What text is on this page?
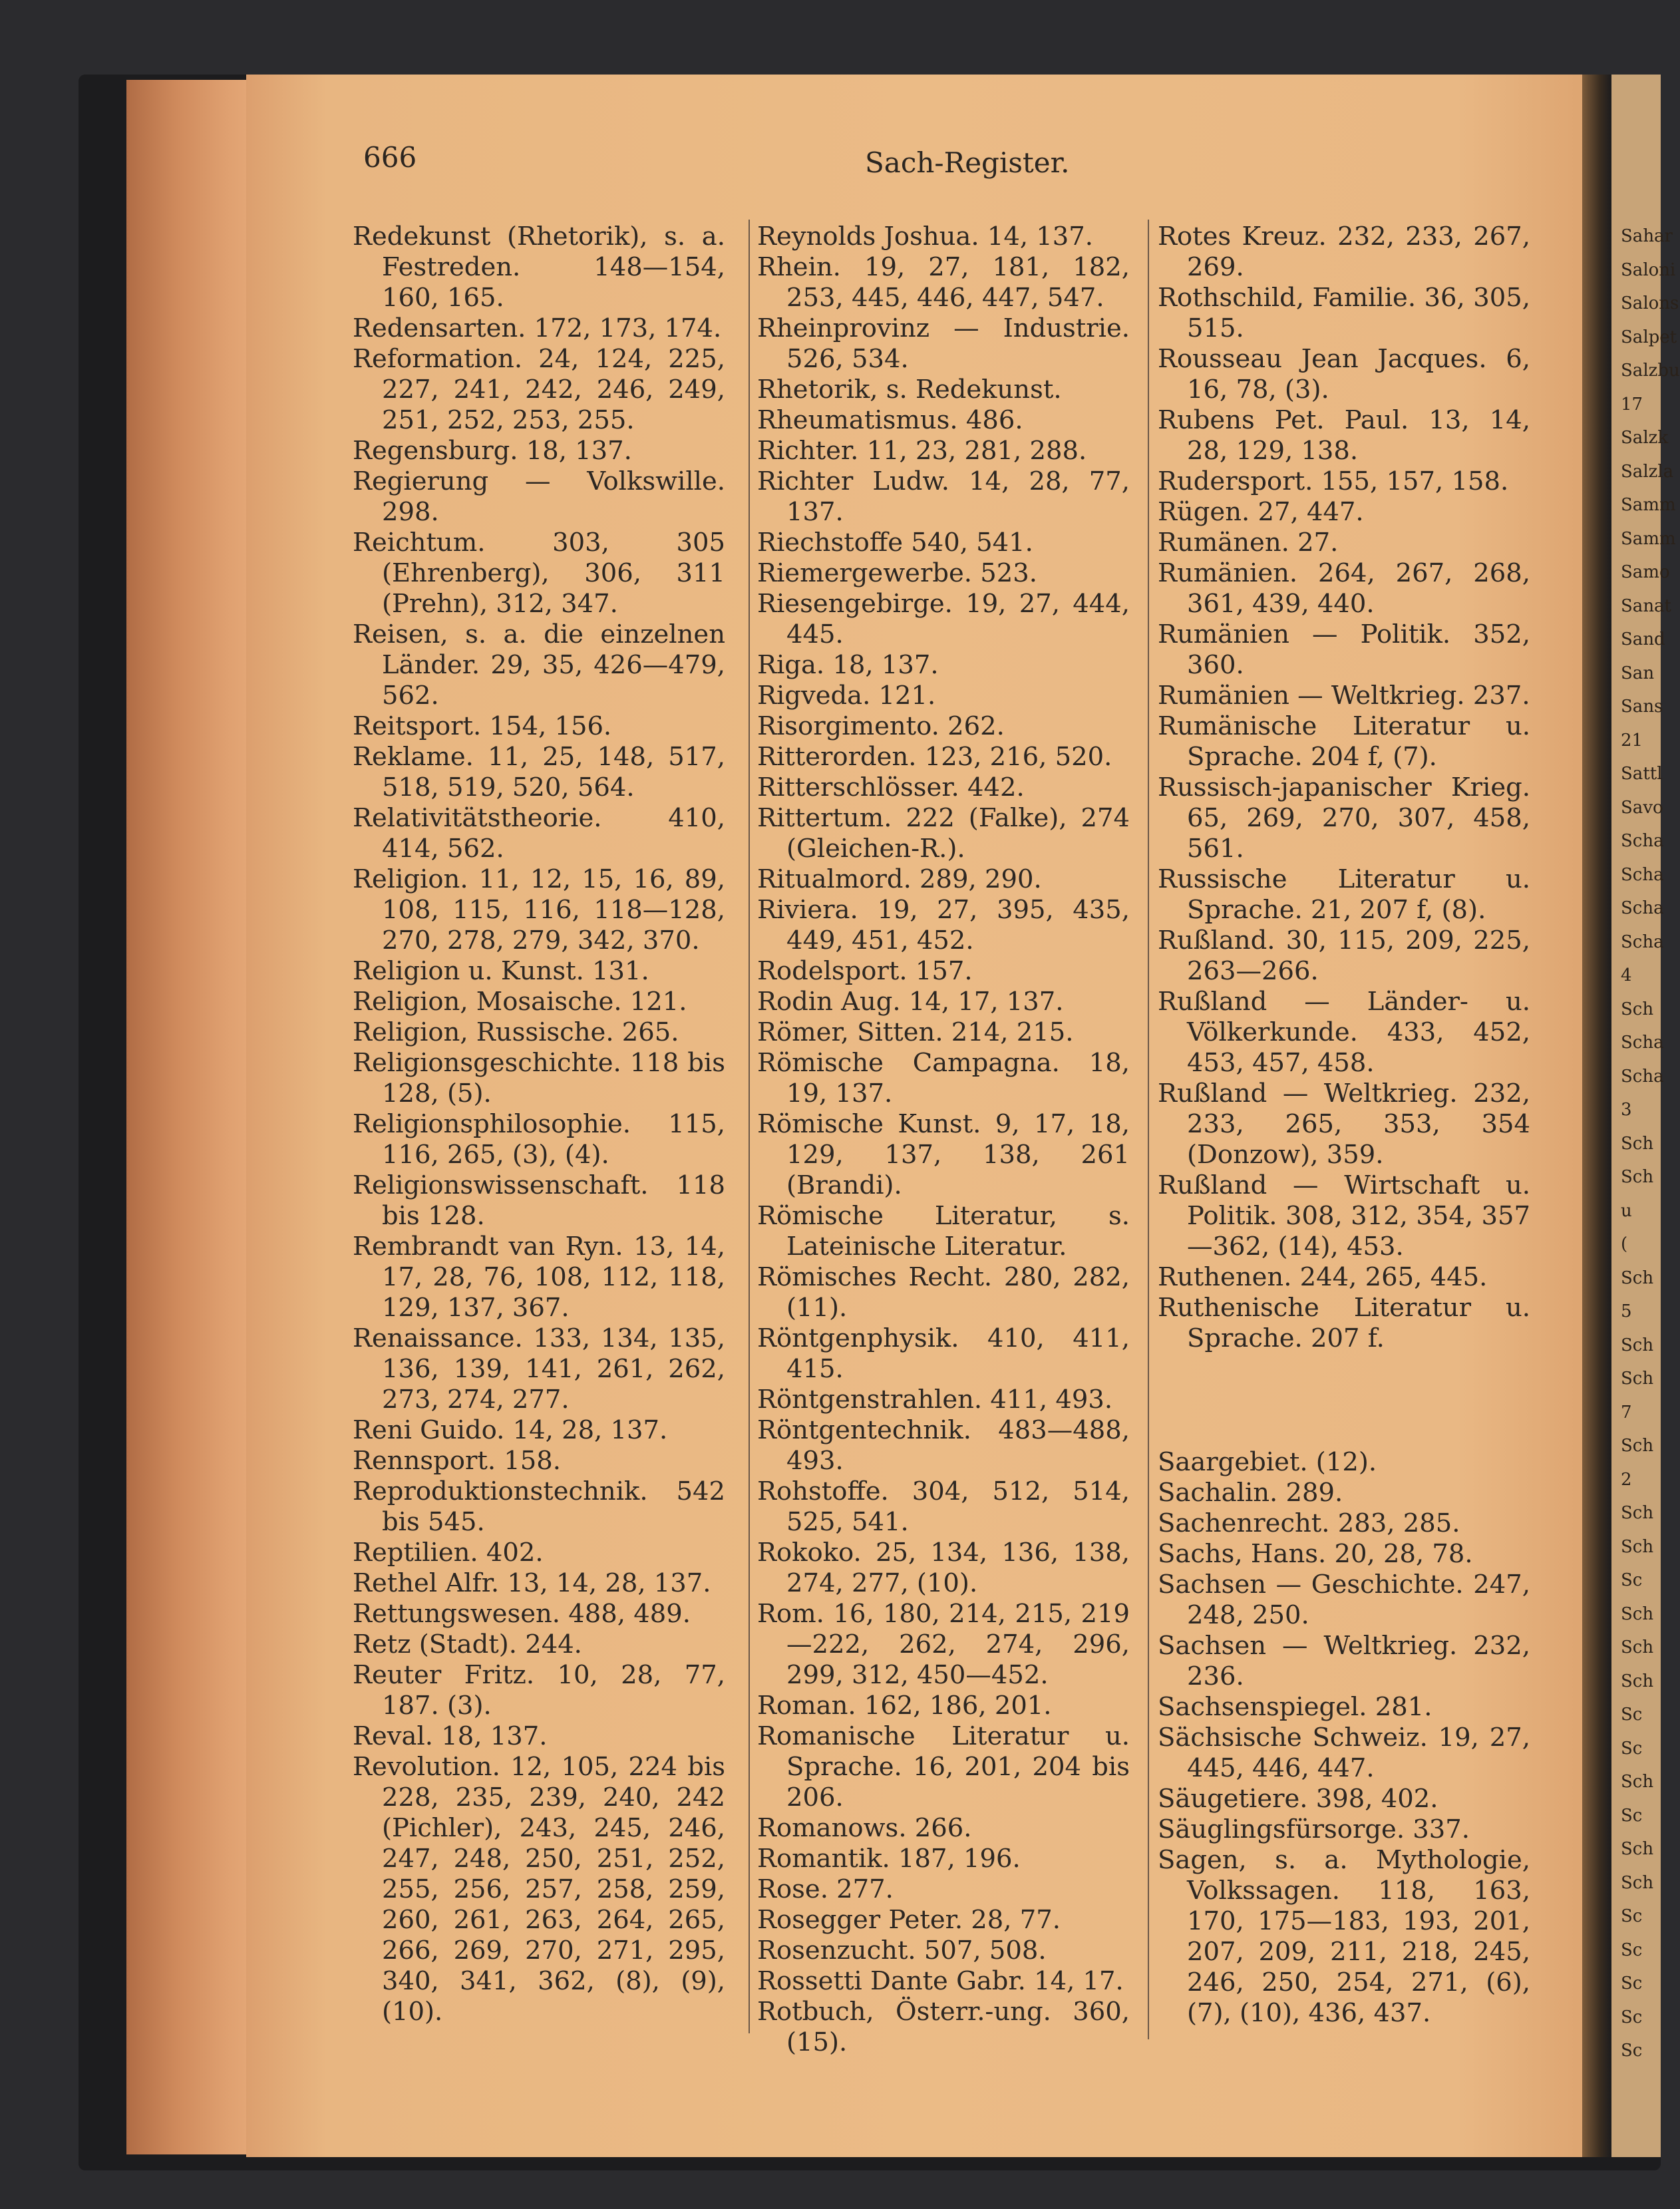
Sahar
Saloni
Salons
Salpet
Salzbu
17
Salzk
Salzla
Samm
Samm
Samo
Sanat
Sand
San
Sans
21
Sattl
Savo
Scha
Scha
Scha
Scha
4
Sch
Scha
Scha
3
Sch
Sch
u
(
Sch
5
Sch
Sch
7
Sch
2
Sch
Sch
Sc
Sch
Sch
Sch
Sc
Sc
Sch
Sc
Sch
Sch
Sc
Sc
Sc
Sc
Sc
666	Sach-Register.
Redekunst (Rhetorik), s. a. Festreden. 148—154, 160, 165.
Redensarten. 172, 173, 174.
Reformation. 24, 124, 225, 227, 241, 242, 246, 249, 251, 252, 253, 255.
Regensburg. 18, 137.
Regierung — Volkswille. 298.
Reichtum. 303, 305 (Ehrenberg), 306, 311 (Prehn), 312, 347.
Reisen, s. a. die einzelnen Länder. 29, 35, 426—479, 562.
Reitsport. 154, 156.
Reklame. 11, 25, 148, 517, 518, 519, 520, 564.
Relativitätstheorie. 410, 414, 562.
Religion. 11, 12, 15, 16, 89, 108, 115, 116, 118—128, 270, 278, 279, 342, 370.
Religion u. Kunst. 131.
Religion, Mosaische. 121.
Religion, Russische. 265.
Religionsgeschichte. 118 bis 128, (5).
Religionsphilosophie. 115, 116, 265, (3), (4).
Religionswissenschaft. 118 bis 128.
Rembrandt van Ryn. 13, 14, 17, 28, 76, 108, 112, 118, 129, 137, 367.
Renaissance. 133, 134, 135, 136, 139, 141, 261, 262, 273, 274, 277.
Reni Guido. 14, 28, 137.
Rennsport. 158.
Reproduktionstechnik. 542 bis 545.
Reptilien. 402.
Rethel Alfr. 13, 14, 28, 137.
Rettungswesen. 488, 489.
Retz (Stadt). 244.
Reuter Fritz. 10, 28, 77, 187. (3).
Reval. 18, 137.
Revolution. 12, 105, 224 bis 228, 235, 239, 240, 242 (Pichler), 243, 245, 246, 247, 248, 250, 251, 252, 255, 256, 257, 258, 259, 260, 261, 263, 264, 265, 266, 269, 270, 271, 295, 340, 341, 362, (8), (9), (10).
Reynolds Joshua. 14, 137.
Rhein. 19, 27, 181, 182, 253, 445, 446, 447, 547.
Rheinprovinz — Industrie. 526, 534.
Rhetorik, s. Redekunst.
Rheumatismus. 486.
Richter. 11, 23, 281, 288.
Richter Ludw. 14, 28, 77, 137.
Riechstoffe 540, 541.
Riemergewerbe. 523.
Riesengebirge. 19, 27, 444, 445.
Riga. 18, 137.
Rigveda. 121.
Risorgimento. 262.
Ritterorden. 123, 216, 520.
Ritterschlösser. 442.
Rittertum. 222 (Falke), 274 (Gleichen-R.).
Ritualmord. 289, 290.
Riviera. 19, 27, 395, 435, 449, 451, 452.
Rodelsport. 157.
Rodin Aug. 14, 17, 137.
Römer, Sitten. 214, 215.
Römische Campagna. 18, 19, 137.
Römische Kunst. 9, 17, 18, 129, 137, 138, 261 (Brandi).
Römische Literatur, s. Lateinische Literatur.
Römisches Recht. 280, 282, (11).
Röntgenphysik. 410, 411, 415.
Röntgenstrahlen. 411, 493.
Röntgentechnik. 483—488, 493.
Rohstoffe. 304, 512, 514, 525, 541.
Rokoko. 25, 134, 136, 138, 274, 277, (10).
Rom. 16, 180, 214, 215, 219—222, 262, 274, 296, 299, 312, 450—452.
Roman. 162, 186, 201.
Romanische Literatur u. Sprache. 16, 201, 204 bis 206.
Romanows. 266.
Romantik. 187, 196.
Rose. 277.
Rosegger Peter. 28, 77.
Rosenzucht. 507, 508.
Rossetti Dante Gabr. 14, 17.
Rotbuch, Österr.-ung. 360, (15).
Rotes Kreuz. 232, 233, 267, 269.
Rothschild, Familie. 36, 305, 515.
Rousseau Jean Jacques. 6, 16, 78, (3).
Rubens Pet. Paul. 13, 14, 28, 129, 138.
Rudersport. 155, 157, 158.
Rügen. 27, 447.
Rumänen. 27.
Rumänien. 264, 267, 268, 361, 439, 440.
Rumänien — Politik. 352, 360.
Rumänien — Weltkrieg. 237.
Rumänische Literatur u. Sprache. 204 f, (7).
Russisch-japanischer Krieg. 65, 269, 270, 307, 458, 561.
Russische Literatur u. Sprache. 21, 207 f, (8).
Rußland. 30, 115, 209, 225, 263—266.
Rußland — Länder- u. Völkerkunde. 433, 452, 453, 457, 458.
Rußland — Weltkrieg. 232, 233, 265, 353, 354 (Donzow), 359.
Rußland — Wirtschaft u. Politik. 308, 312, 354, 357—362, (14), 453.
Ruthenen. 244, 265, 445.
Ruthenische Literatur u. Sprache. 207 f.
Saargebiet. (12).
Sachalin. 289.
Sachenrecht. 283, 285.
Sachs, Hans. 20, 28, 78.
Sachsen — Geschichte. 247, 248, 250.
Sachsen — Weltkrieg. 232, 236.
Sachsenspiegel. 281.
Sächsische Schweiz. 19, 27, 445, 446, 447.
Säugetiere. 398, 402.
Säuglingsfürsorge. 337.
Sagen, s. a. Mythologie, Volkssagen. 118, 163, 170, 175—183, 193, 201, 207, 209, 211, 218, 245, 246, 250, 254, 271, (6), (7), (10), 436, 437.
